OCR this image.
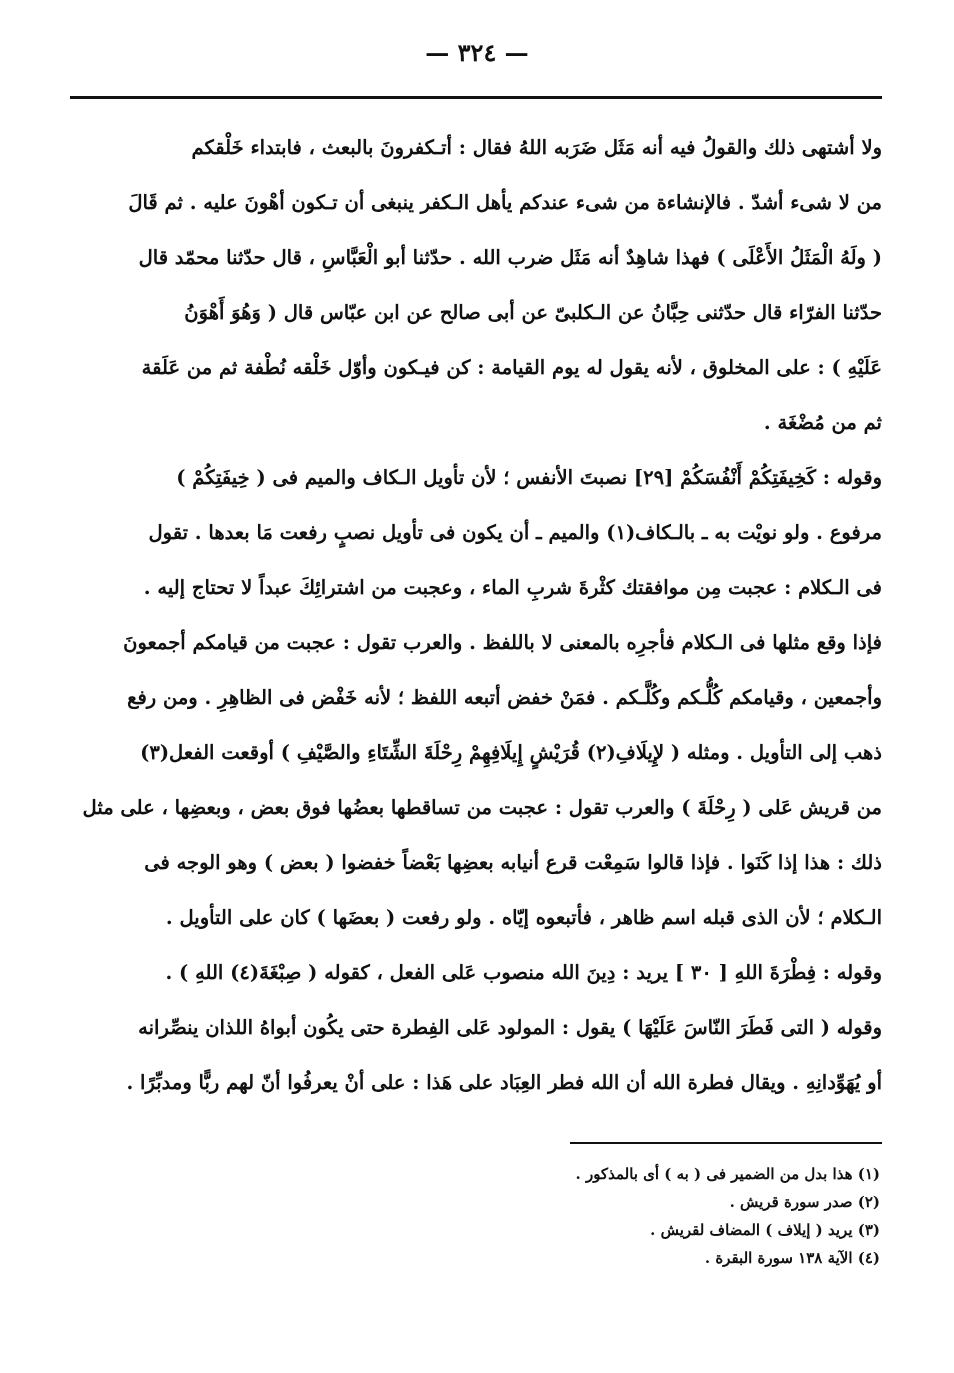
— ٣٢٤ —
ولا أشتهى ذلك والقولُ فيه أنه مَثَل ضَرَبه اللهُ فقال : أتـكفرونَ بالبعث ، فابتداء خَلْقكم
من لا شىء أشدّ . فالإنشاءة من شىء عندكم يأهل الـكفر ينبغى أن تـكون أهْونَ عليه . ثم قَالَ
( ولَهُ الْمَثَلُ الأَعْلَى ) فهذا شاهِدٌ أنه مَثَل ضرب الله . حدّثنا أبو الْعَبَّاسِ ، قال حدّثنا محمّد قال
حدّثنا الفرّاء قال حدّثنى حِبَّانُ عن الـكلبىّ عن أبى صالح عن ابن عبّاس قال ( وَهُوَ أَهْوَنُ
عَلَيْهِ ) : على المخلوق ، لأنه يقول له يوم القيامة : كن فيـكون وأوّل خَلْقه نُطْفة ثم من عَلَقة
ثم من مُضْغَة .
وقوله : كَخِيفَتِكُمْ أَنْفُسَكُمْ [٢٩] نصبتَ الأنفس ؛ لأن تأويل الـكاف والميم فى ( خِيفَتِكُمْ )
مرفوع . ولو نويْت به ـ بالـكاف(١) والميم ـ أن يكون فى تأويل نصبٍ رفعت مَا بعدها . تقول
فى الـكلام : عجبت مِن موافقتك كثْرةَ شربِ الماء ، وعجبت من اشترائِكَ عبداً لا تحتاج إليه .
فإذا وقع مثلها فى الـكلام فأجرِه بالمعنى لا باللفظ . والعرب تقول : عجبت من قيامكم أجمعونَ
وأجمعين ، وقيامكم كُلُّـكم وكُلَّـكم . فمَنْ خفض أتبعه اللفظ ؛ لأنه خَفْض فى الظاهِرِ . ومن رفع
ذهب إلى التأويل . ومثله ( لإِيلَافِ(٢) قُرَيْشٍ إِيلَافِهِمْ رِحْلَةَ الشِّتَاءِ والصَّيْفِ ) أوقعت الفعل(٣)
من قريش عَلى ( رِحْلَةَ ) والعرب تقول : عجبت من تساقطها بعضُها فوق بعض ، وبعضِها ، على مثل
ذلك : هذا إذا كَنَوا . فإذا قالوا سَمِعْت قرع أنيابه بعضِها بَعْضاً خفضوا ( بعض ) وهو الوجه فى
الـكلام ؛ لأن الذى قبله اسم ظاهر ، فأتبعوه إيّاه . ولو رفعت ( بعضَها ) كان على التأويل .
وقوله : فِطْرَةَ اللهِ [ ٣٠ ] يريد : دِينَ الله منصوب عَلى الفعل ، كقوله ( صِبْغَةَ(٤) اللهِ ) .
وقوله ( التى فَطَرَ النّاسَ عَلَيْهَا ) يقول : المولود عَلى الفِطرة حتى يكُون أبواهُ اللذان ينصِّرانه
أو يُهَوِّدانِهِ . ويقال فطرة الله أن الله فطر العِبَاد على هَذا : على أنْ يعرفُوا أنّ لهم ربًّا ومدبِّرًا .
(١) هذا بدل من الضمير فى ( به ) أى بالمذكور .
(٢) صدر سورة قريش .
(٣) يريد ( إيلاف ) المضاف لقريش .
(٤) الآية ١٣٨ سورة البقرة .
